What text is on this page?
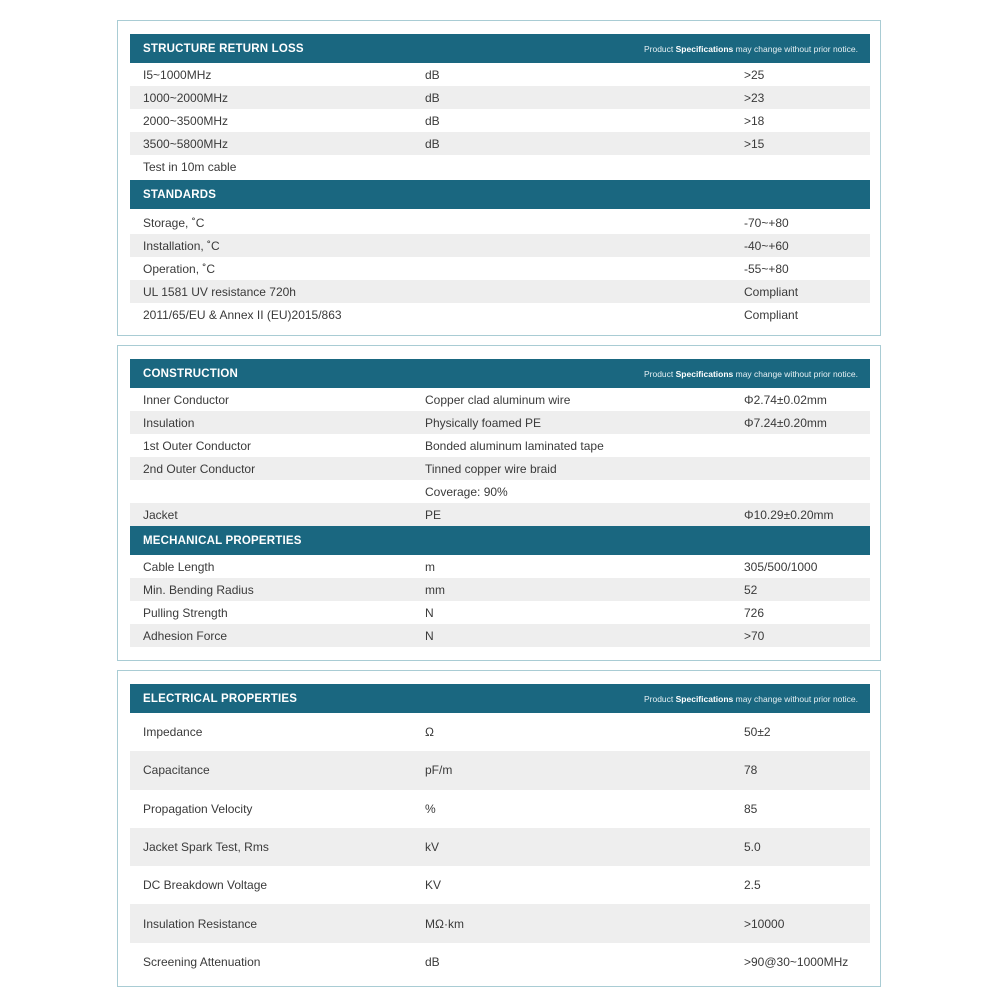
STRUCTURE RETURN LOSS	Product Specifications may change without prior notice.
I5~1000MHz	dB	>25
1000~2000MHz	dB	>23
2000~3500MHz	dB	>18
3500~5800MHz	dB	>15
Test in 10m cable
STANDARDS
Storage, ˚C	-70~+80
Installation, ˚C	-40~+60
Operation, ˚C	-55~+80
UL 1581 UV resistance 720h	Compliant
2011/65/EU & Annex II (EU)2015/863	Compliant
CONSTRUCTION	Product Specifications may change without prior notice.
Inner Conductor	Copper clad aluminum wire	Φ2.74±0.02mm
Insulation	Physically foamed PE	Φ7.24±0.20mm
1st Outer Conductor	Bonded aluminum laminated tape
2nd Outer Conductor	Tinned copper wire braid
Coverage: 90%
Jacket	PE	Φ10.29±0.20mm
MECHANICAL PROPERTIES
Cable Length	m	305/500/1000
Min. Bending Radius	mm	52
Pulling Strength	N	726
Adhesion Force	N	>70
ELECTRICAL PROPERTIES	Product Specifications may change without prior notice.
Impedance	Ω	50±2
Capacitance	pF/m	78
Propagation Velocity	%	85
Jacket Spark Test, Rms	kV	5.0
DC Breakdown Voltage	KV	2.5
Insulation Resistance	MΩ·km	>10000
Screening Attenuation	dB	>90@30~1000MHz
